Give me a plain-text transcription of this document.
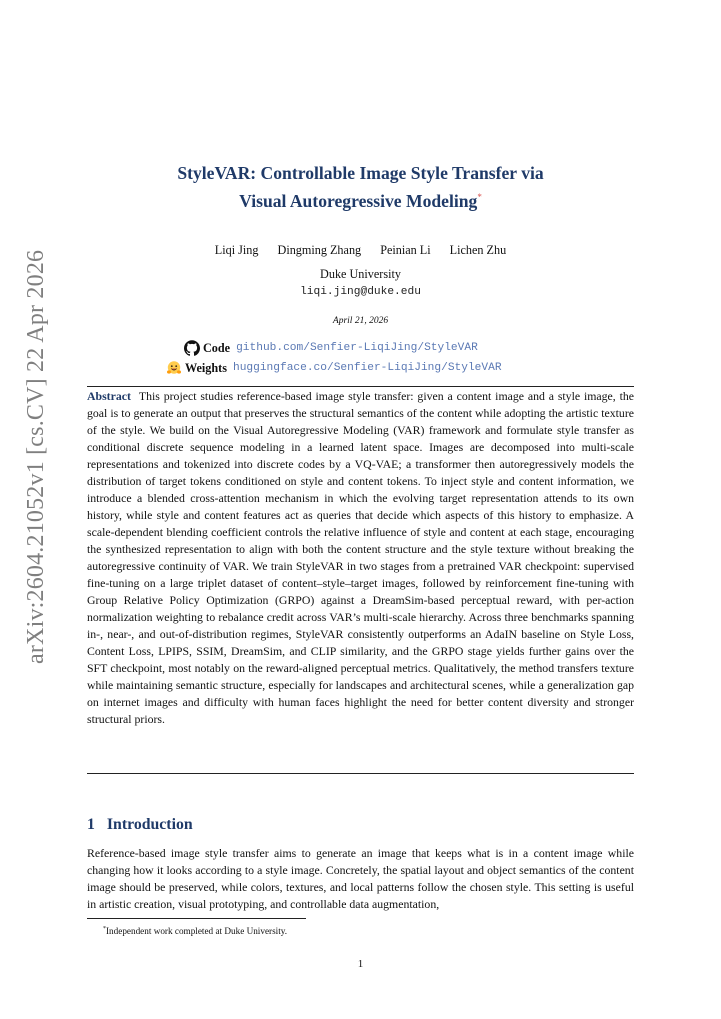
arXiv:2604.21052v1 [cs.CV] 22 Apr 2026
StyleVAR: Controllable Image Style Transfer via
Visual Autoregressive Modeling*
Liqi Jing Dingming Zhang Peinian Li Lichen Zhu
Duke University
liqi.jing@duke.edu
April 21, 2026
Code github.com/Senfier-LiqiJing/StyleVAR
Weights huggingface.co/Senfier-LiqiJing/StyleVAR
Abstract This project studies reference-based image style transfer: given a content image and a style image, the goal is to generate an output that preserves the structural semantics of the content while adopting the artistic texture of the style. We build on the Visual Autoregressive Modeling (VAR) framework and formulate style transfer as conditional discrete sequence modeling in a learned latent space. Images are decomposed into multi-scale representations and tokenized into discrete codes by a VQ-VAE; a transformer then autoregressively models the distribution of target tokens conditioned on style and content tokens. To inject style and content information, we introduce a blended cross-attention mechanism in which the evolving target representation attends to its own history, while style and content features act as queries that decide which aspects of this history to emphasize. A scale-dependent blending coefficient controls the relative influence of style and content at each stage, encouraging the synthesized representation to align with both the content structure and the style texture without breaking the autoregressive continuity of VAR. We train StyleVAR in two stages from a pretrained VAR checkpoint: supervised fine-tuning on a large triplet dataset of content–style–target images, followed by reinforcement fine-tuning with Group Relative Policy Optimization (GRPO) against a DreamSim-based perceptual reward, with per-action normalization weighting to rebalance credit across VAR’s multi-scale hierarchy. Across three benchmarks spanning in-, near-, and out-of-distribution regimes, StyleVAR consistently outperforms an AdaIN baseline on Style Loss, Content Loss, LPIPS, SSIM, DreamSim, and CLIP similarity, and the GRPO stage yields further gains over the SFT checkpoint, most notably on the reward-aligned perceptual metrics. Qualitatively, the method transfers texture while maintaining semantic structure, especially for landscapes and architectural scenes, while a generalization gap on internet images and difficulty with human faces highlight the need for better content diversity and stronger structural priors.
1 Introduction
Reference-based image style transfer aims to generate an image that keeps what is in a content image while changing how it looks according to a style image. Concretely, the spatial layout and object semantics of the content image should be preserved, while colors, textures, and local patterns follow the chosen style. This setting is useful in artistic creation, visual prototyping, and controllable data augmentation,
*Independent work completed at Duke University.
1
